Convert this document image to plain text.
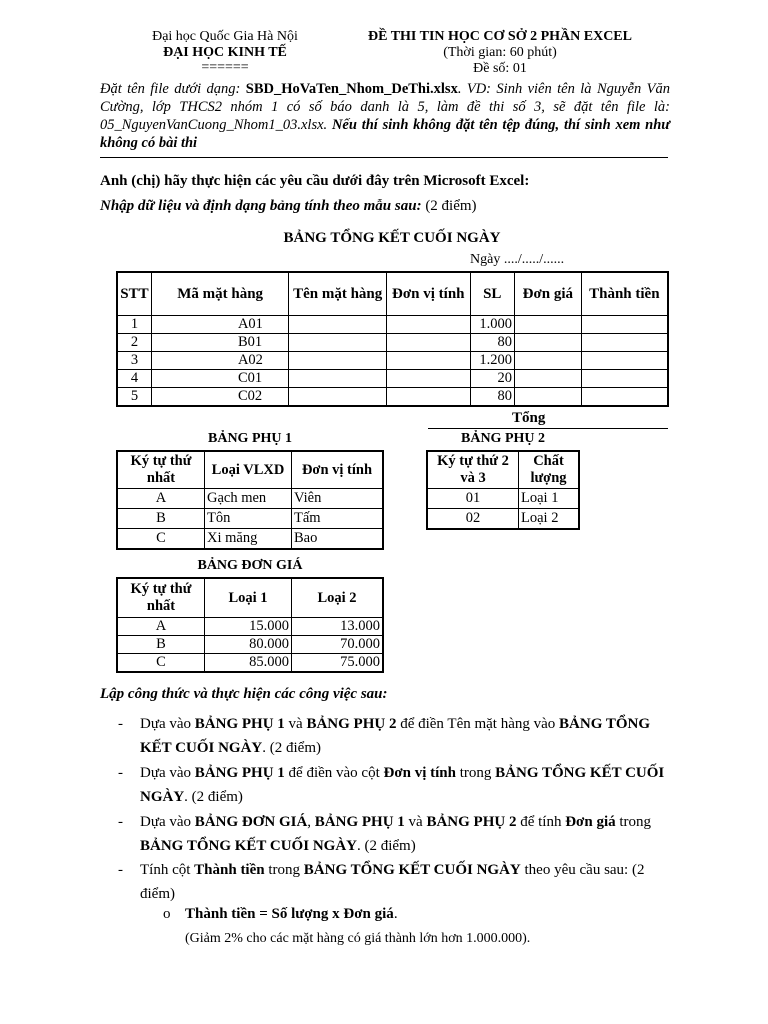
Đại học Quốc Gia Hà Nội
ĐẠI HỌC KINH TẾ
======
ĐỀ THI TIN HỌC CƠ SỞ 2 PHẦN EXCEL
(Thời gian: 60 phút)
Đề số: 01
Đặt tên file dưới dạng: SBD_HoVaTen_Nhom_DeThi.xlsx. VD: Sinh viên tên là Nguyễn Văn Cường, lớp THCS2 nhóm 1 có số báo danh là 5, làm đề thi số 3, sẽ đặt tên file là: 05_NguyenVanCuong_Nhom1_03.xlsx. Nếu thí sinh không đặt tên tệp đúng, thí sinh xem như không có bài thi
Anh (chị) hãy thực hiện các yêu cầu dưới đây trên Microsoft Excel:
Nhập dữ liệu và định dạng bảng tính theo mẫu sau: (2 điểm)
BẢNG TỔNG KẾT CUỐI NGÀY
Ngày ..../...../......
STT	Mã mặt hàng	Tên mặt hàng	Đơn vị tính	SL	Đơn giá	Thành tiền
1	A01			1.000		
2	B01			80		
3	A02			1.200		
4	C01			20		
5	C02			80		
Tổng
BẢNG PHỤ 1
Ký tự thứ nhất	Loại VLXD	Đơn vị tính
A	Gạch men	Viên
B	Tôn	Tấm
C	Xi măng	Bao
BẢNG PHỤ 2
Ký tự thứ 2 và 3	Chất lượng
01	Loại 1
02	Loại 2
BẢNG ĐƠN GIÁ
Ký tự thứ nhất	Loại 1	Loại 2
A	15.000	13.000
B	80.000	70.000
C	85.000	75.000
Lập công thức và thực hiện các công việc sau:
- Dựa vào BẢNG PHỤ 1 và BẢNG PHỤ 2 để điền Tên mặt hàng vào BẢNG TỔNG KẾT CUỐI NGÀY. (2 điểm)
- Dựa vào BẢNG PHỤ 1 để điền vào cột Đơn vị tính trong BẢNG TỔNG KẾT CUỐI NGÀY. (2 điểm)
- Dựa vào BẢNG ĐƠN GIÁ, BẢNG PHỤ 1 và BẢNG PHỤ 2 để tính Đơn giá trong BẢNG TỔNG KẾT CUỐI NGÀY. (2 điểm)
- Tính cột Thành tiền trong BẢNG TỔNG KẾT CUỐI NGÀY theo yêu cầu sau: (2 điểm)
o Thành tiền = Số lượng x Đơn giá.
(Giảm 2% cho các mặt hàng có giá thành lớn hơn 1.000.000).
